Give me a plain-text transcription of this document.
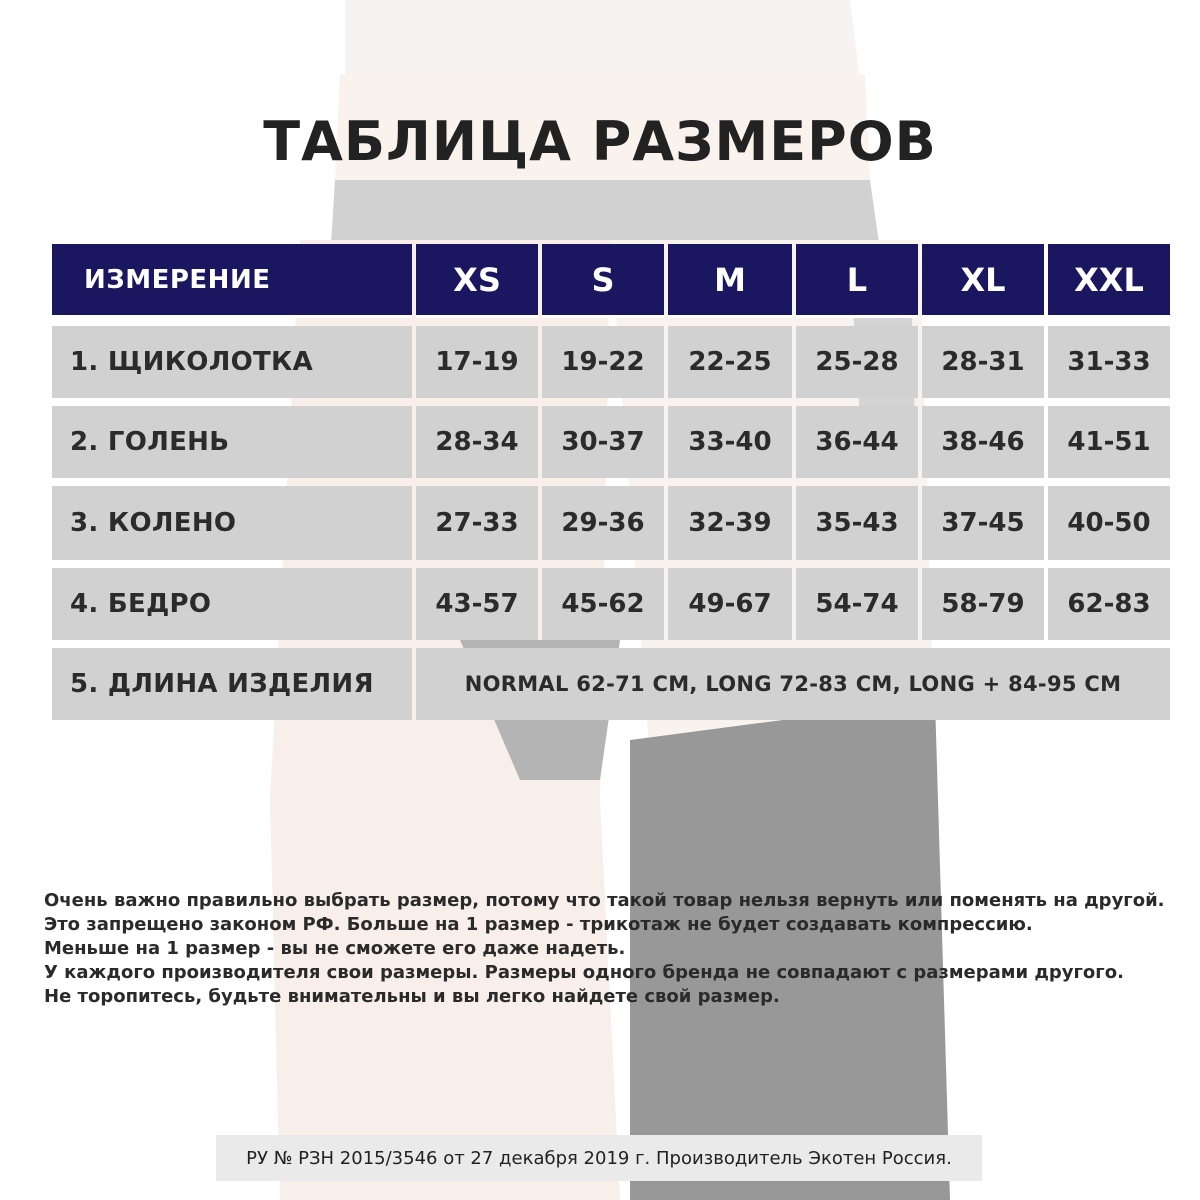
ТАБЛИЦА РАЗМЕРОВ
ИЗМЕРЕНИЕ	XS	S	M	L	XL	XXL
1. ЩИКОЛОТКА	17-19	19-22	22-25	25-28	28-31	31-33
2. ГОЛЕНЬ	28-34	30-37	33-40	36-44	38-46	41-51
3. КОЛЕНО	27-33	29-36	32-39	35-43	37-45	40-50
4. БЕДРО	43-57	45-62	49-67	54-74	58-79	62-83
5. ДЛИНА ИЗДЕЛИЯ	NORMAL 62-71 CM, LONG 72-83 CM, LONG + 84-95 CM
Очень важно правильно выбрать размер, потому что такой товар нельзя вернуть или поменять на другой.
Это запрещено законом РФ. Больше на 1 размер - трикотаж не будет создавать компрессию.
Меньше на 1 размер - вы не сможете его даже надеть.
У каждого производителя свои размеры. Размеры одного бренда не совпадают с размерами другого.
Не торопитесь, будьте внимательны и вы легко найдете свой размер.
РУ № РЗН 2015/3546 от 27 декабря 2019 г. Производитель Экотен Россия.
